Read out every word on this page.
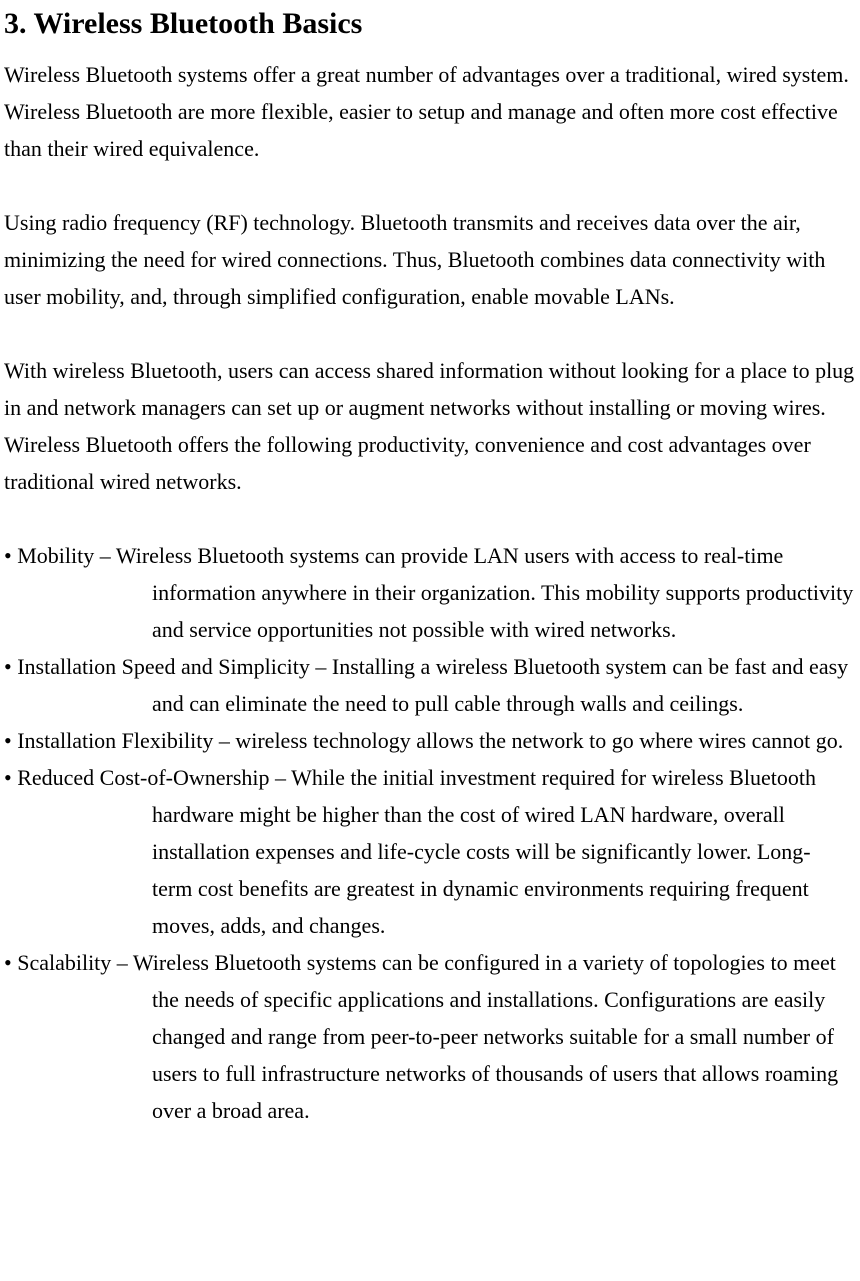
3. Wireless Bluetooth Basics

Wireless Bluetooth systems offer a great number of advantages over a traditional, wired system. Wireless Bluetooth are more flexible, easier to setup and manage and often more cost effective than their wired equivalence.

Using radio frequency (RF) technology. Bluetooth transmits and receives data over the air, minimizing the need for wired connections. Thus, Bluetooth combines data connectivity with user mobility, and, through simplified configuration, enable movable LANs.

With wireless Bluetooth, users can access shared information without looking for a place to plug in and network managers can set up or augment networks without installing or moving wires. Wireless Bluetooth offers the following productivity, convenience and cost advantages over traditional wired networks.

• Mobility – Wireless Bluetooth systems can provide LAN users with access to real-time information anywhere in their organization. This mobility supports productivity and service opportunities not possible with wired networks.
• Installation Speed and Simplicity – Installing a wireless Bluetooth system can be fast and easy and can eliminate the need to pull cable through walls and ceilings.
• Installation Flexibility – wireless technology allows the network to go where wires cannot go.
• Reduced Cost-of-Ownership – While the initial investment required for wireless Bluetooth hardware might be higher than the cost of wired LAN hardware, overall installation expenses and life-cycle costs will be significantly lower. Long- term cost benefits are greatest in dynamic environments requiring frequent moves, adds, and changes.
• Scalability – Wireless Bluetooth systems can be configured in a variety of topologies to meet the needs of specific applications and installations. Configurations are easily changed and range from peer-to-peer networks suitable for a small number of users to full infrastructure networks of thousands of users that allows roaming over a broad area.
